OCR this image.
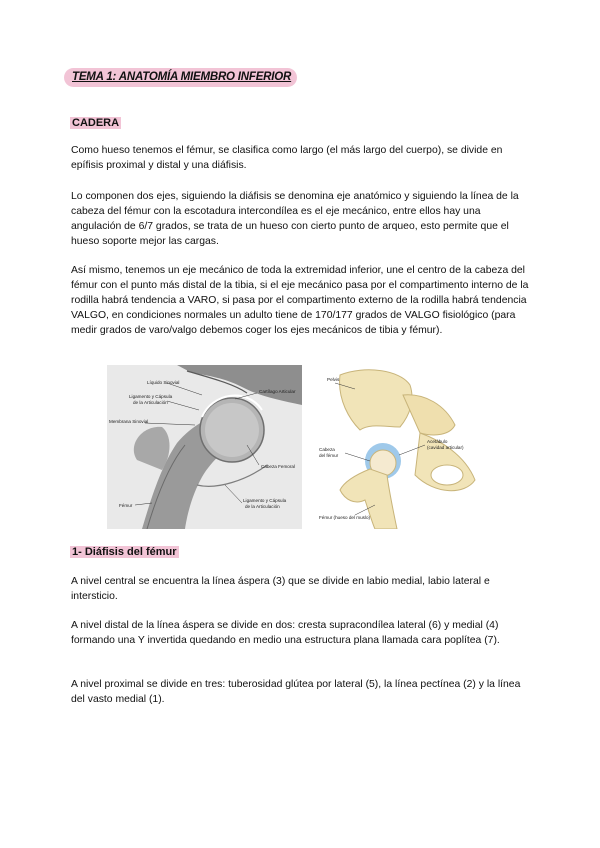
TEMA 1: ANATOMÍA MIEMBRO INFERIOR
CADERA

Como hueso tenemos el fémur, se clasifica como largo (el más largo del cuerpo), se divide en epífisis proximal y distal y una diáfisis.

Lo componen dos ejes, siguiendo la diáfisis se denomina eje anatómico y siguiendo la línea de la cabeza del fémur con la escotadura intercondílea es el eje mecánico, entre ellos hay una angulación de 6/7 grados, se trata de un hueso con cierto punto de arqueo, esto permite que el hueso soporte mejor las cargas.

Así mismo, tenemos un eje mecánico de toda la extremidad inferior, une el centro de la cabeza del fémur con el punto más distal de la tibia, si el eje mecánico pasa por el compartimento interno de la rodilla habrá tendencia a VARO, si pasa por el compartimento externo de la rodilla habrá tendencia VALGO, en condiciones normales un adulto tiene de 170/177 grados de VALGO fisiológico (para medir grados de varo/valgo debemos coger los ejes mecánicos de tibia y fémur).

Líquido Sinovial
Ligamento y Cápsula
de la Articulación
Membrana Sinovial
Cartílago Articular
Cabeza Femoral
Fémur
Ligamento y Cápsula
de la Articulación
Pelvis
Acetábulo
(cavidad articular)
Cabeza
del fémur
Fémur (hueso del muslo)
1- Diáfisis del fémur

A nivel central se encuentra la línea áspera (3) que se divide en labio medial, labio lateral e intersticio.

A nivel distal de la línea áspera se divide en dos: cresta supracondílea lateral (6) y medial (4) formando una Y invertida quedando en medio una estructura plana llamada cara poplítea (7).

A nivel proximal se divide en tres: tuberosidad glútea por lateral (5), la línea pectínea (2) y la línea del vasto medial (1).
